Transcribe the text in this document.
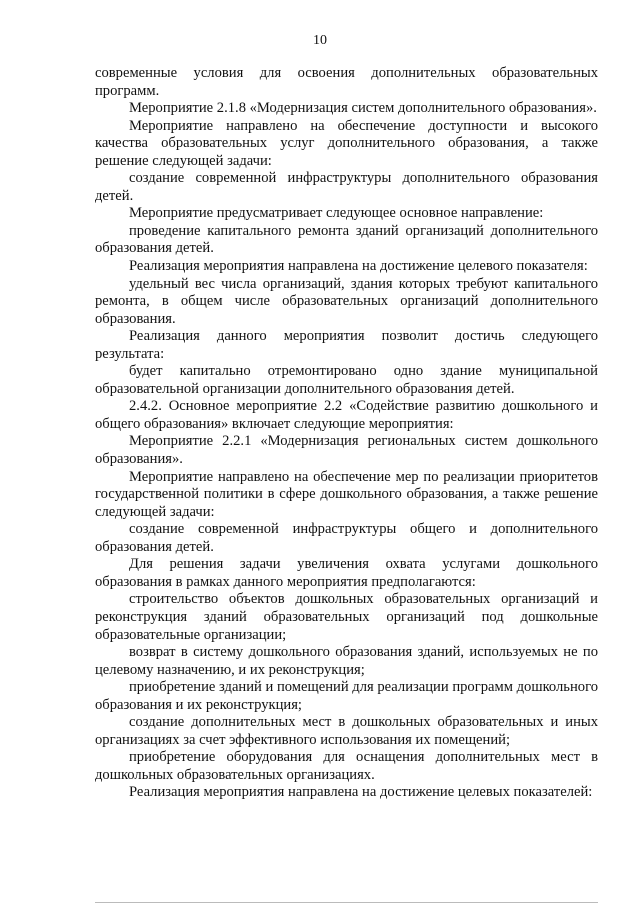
10

современные условия для освоения дополнительных образовательных программ.

Мероприятие 2.1.8 «Модернизация систем дополнительного образования».

Мероприятие направлено на обеспечение доступности и высокого качества образовательных услуг дополнительного образования, а также решение следующей задачи:

создание современной инфраструктуры дополнительного образования детей.

Мероприятие предусматривает следующее основное направление:

проведение капитального ремонта зданий организаций дополнительного образования детей.

Реализация мероприятия направлена на достижение целевого показателя:

удельный вес числа организаций, здания которых требуют капитального ремонта, в общем числе образовательных организаций дополнительного образования.

Реализация данного мероприятия позволит достичь следующего результата:

будет капитально отремонтировано одно здание муниципальной образовательной организации дополнительного образования детей.

2.4.2. Основное мероприятие 2.2 «Содействие развитию дошкольного и общего образования» включает следующие мероприятия:

Мероприятие 2.2.1 «Модернизация региональных систем дошкольного образования».

Мероприятие направлено на обеспечение мер по реализации приоритетов государственной политики в сфере дошкольного образования, а также решение следующей задачи:

создание современной инфраструктуры общего и дополнительного образования детей.

Для решения задачи увеличения охвата услугами дошкольного образования в рамках данного мероприятия предполагаются:

строительство объектов дошкольных образовательных организаций и реконструкция зданий образовательных организаций под дошкольные образовательные организации;

возврат в систему дошкольного образования зданий, используемых не по целевому назначению, и их реконструкция;

приобретение зданий и помещений для реализации программ дошкольного образования и их реконструкция;

создание дополнительных мест в дошкольных образовательных и иных организациях за счет эффективного использования их помещений;

приобретение оборудования для оснащения дополнительных мест в дошкольных образовательных организациях.

Реализация мероприятия направлена на достижение целевых показателей:
